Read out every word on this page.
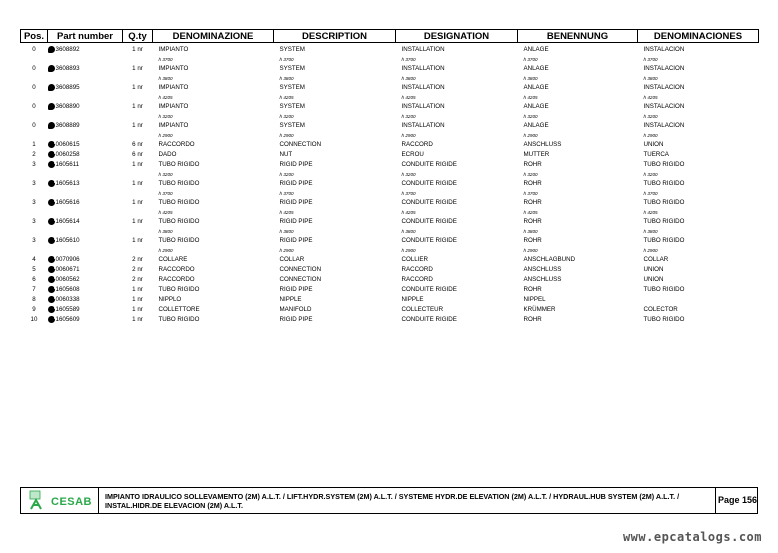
Pos.	Part number	Q.ty	DENOMINAZIONE	DESCRIPTION	DESIGNATION	BENENNUNG	DENOMINACIONES

0	3608892	1 nr	IMPIANTO	SYSTEM	INSTALLATION	ANLAGE	INSTALACION
			h 3700	h 3700	h 3700	h 3700	h 3700
0	3608893	1 nr	IMPIANTO	SYSTEM	INSTALLATION	ANLAGE	INSTALACION
			h 3800	h 3800	h 3800	h 3800	h 3800
0	3608895	1 nr	IMPIANTO	SYSTEM	INSTALLATION	ANLAGE	INSTALACION
			h 4205	h 4205	h 4205	h 4205	h 4205
0	3608890	1 nr	IMPIANTO	SYSTEM	INSTALLATION	ANLAGE	INSTALACION
			h 3200	h 3200	h 3200	h 3200	h 3200
0	3608889	1 nr	IMPIANTO	SYSTEM	INSTALLATION	ANLAGE	INSTALACION
			h 2900	h 2900	h 2900	h 2900	h 2900
1	0060615	6 nr	RACCORDO	CONNECTION	RACCORD	ANSCHLUSS	UNION
2	0060258	6 nr	DADO	NUT	ECROU	MUTTER	TUERCA
3	1605611	1 nr	TUBO RIGIDO	RIGID PIPE	CONDUITE RIGIDE	ROHR	TUBO RIGIDO
			h 3200	h 3200	h 3200	h 3200	h 3200
3	1605613	1 nr	TUBO RIGIDO	RIGID PIPE	CONDUITE RIGIDE	ROHR	TUBO RIGIDO
			h 3700	h 3700	h 3700	h 3700	h 3700
3	1605616	1 nr	TUBO RIGIDO	RIGID PIPE	CONDUITE RIGIDE	ROHR	TUBO RIGIDO
			h 4205	h 4205	h 4205	h 4205	h 4205
3	1605614	1 nr	TUBO RIGIDO	RIGID PIPE	CONDUITE RIGIDE	ROHR	TUBO RIGIDO
			h 3800	h 3800	h 3800	h 3800	h 3800
3	1605610	1 nr	TUBO RIGIDO	RIGID PIPE	CONDUITE RIGIDE	ROHR	TUBO RIGIDO
			h 2900	h 2900	h 2900	h 2900	h 2900
4	0070906	2 nr	COLLARE	COLLAR	COLLIER	ANSCHLAGBUND	COLLAR
5	0060671	2 nr	RACCORDO	CONNECTION	RACCORD	ANSCHLUSS	UNION
6	0060562	2 nr	RACCORDO	CONNECTION	RACCORD	ANSCHLUSS	UNION
7	1605608	1 nr	TUBO RIGIDO	RIGID PIPE	CONDUITE RIGIDE	ROHR	TUBO RIGIDO
8	0060338	1 nr	NIPPLO	NIPPLE	NIPPLE	NIPPEL	
9	1605589	1 nr	COLLETTORE	MANIFOLD	COLLECTEUR	KRÜMMER	COLECTOR
10	1605609	1 nr	TUBO RIGIDO	RIGID PIPE	CONDUITE RIGIDE	ROHR	TUBO RIGIDO
CESAB IMPIANTO IDRAULICO SOLLEVAMENTO (2M) A.L.T. / LIFT.HYDR.SYSTEM (2M) A.L.T. / SYSTEME HYDR.DE ELEVATION (2M) A.L.T. / HYDRAUL.HUB SYSTEM (2M) A.L.T. / INSTAL.HIDR.DE ELEVACION (2M) A.L.T.
Page 156
www.epcatalogs.com
